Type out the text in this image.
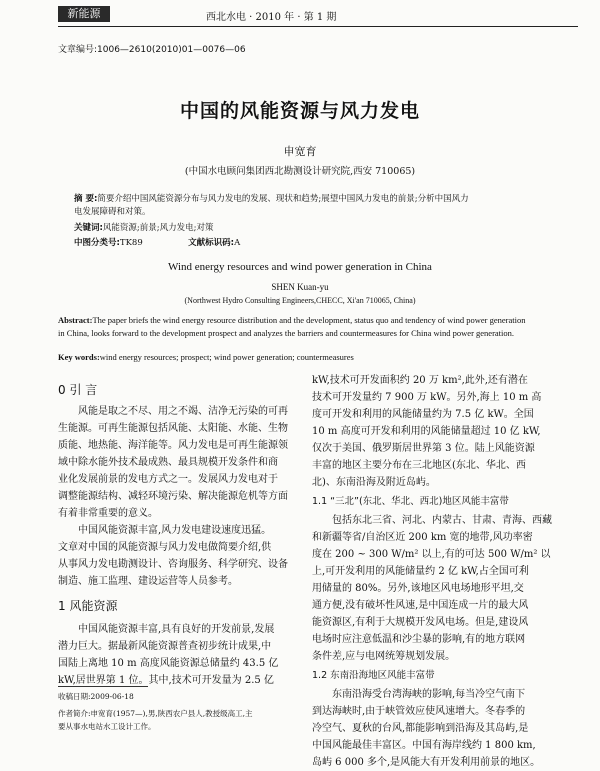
新能源	西北水电 · 2010 年 · 第 1 期
文章编号:1006—2610(2010)01—0076—06
中国的风能资源与风力发电
申宽育
(中国水电顾问集团西北勘测设计研究院,西安 710065)
摘 要:简要介绍中国风能资源分布与风力发电的发展、现状和趋势;展望中国风力发电的前景;分析中国风力
电发展障碍和对策。
关键词:风能资源;前景;风力发电;对策
中图分类号:TK89	文献标识码:A
Wind energy resources and wind power generation in China
SHEN Kuan-yu
(Northwest Hydro Consulting Engineers,CHECC, Xi'an 710065, China)
Abstract:The paper briefs the wind energy resource distribution and the development, status quo and tendency of wind power generation
in China, looks forward to the development prospect and analyzes the barriers and countermeasures for China wind power generation.
Key words:wind energy resources; prospect; wind power generation; countermeasures
0 引 言

风能是取之不尽、用之不竭、洁净无污染的可再
生能源。可再生能源包括风能、太阳能、水能、生物
质能、地热能、海洋能等。风力发电是可再生能源领
域中除水能外技术最成熟、最具规模开发条件和商
业化发展前景的发电方式之一。发展风力发电对于
调整能源结构、减轻环境污染、解决能源危机等方面
有着非常重要的意义。

中国风能资源丰富,风力发电建设速度迅猛。
文章对中国的风能资源与风力发电做简要介绍,供
从事风力发电勘测设计、咨询服务、科学研究、设备
制造、施工监理、建设运营等人员参考。

1 风能资源

中国风能资源丰富,具有良好的开发前景,发展
潜力巨大。据最新风能资源普查初步统计成果,中
国陆上离地 10 m 高度风能资源总储量约 43.5 亿
kW,居世界第 1 位。其中,技术可开发量为 2.5 亿

收稿日期:2009-06-18
作者简介:申宽育(1957—),男,陕西农户县人,教授级高工,主
要从事水电站水工设计工作。

kW,技术可开发面积约 20 万 km²,此外,还有潜在
技术可开发量约 7 900 万 kW。另外,海上 10 m 高
度可开发和利用的风能储量约为 7.5 亿 kW。全国
10 m 高度可开发和利用的风能储量超过 10 亿 kW,
仅次于美国、俄罗斯居世界第 3 位。陆上风能资源
丰富的地区主要分布在三北地区(东北、华北、西
北)、东南沿海及附近岛屿。

1.1 “三北”(东北、华北、西北)地区风能丰富带

包括东北三省、河北、内蒙古、甘肃、青海、西藏
和新疆等省/自治区近 200 km 宽的地带,风功率密
度在 200 ~ 300 W/m² 以上,有的可达 500 W/m² 以
上,可开发利用的风能储量约 2 亿 kW,占全国可利
用储量的 80%。另外,该地区风电场地形平坦,交
通方便,没有破坏性风速,是中国连成一片的最大风
能资源区,有利于大规模开发风电场。但是,建设风
电场时应注意低温和沙尘暴的影响,有的地方联网
条件差,应与电网统筹规划发展。

1.2 东南沿海地区风能丰富带

东南沿海受台湾海峡的影响,每当冷空气南下
到达海峡时,由于峡管效应使风速增大。冬春季的
冷空气、夏秋的台风,都能影响到沿海及其岛屿,是
中国风能最佳丰富区。中国有海岸线约 1 800 km,
岛屿 6 000 多个,是风能大有开发利用前景的地区。
